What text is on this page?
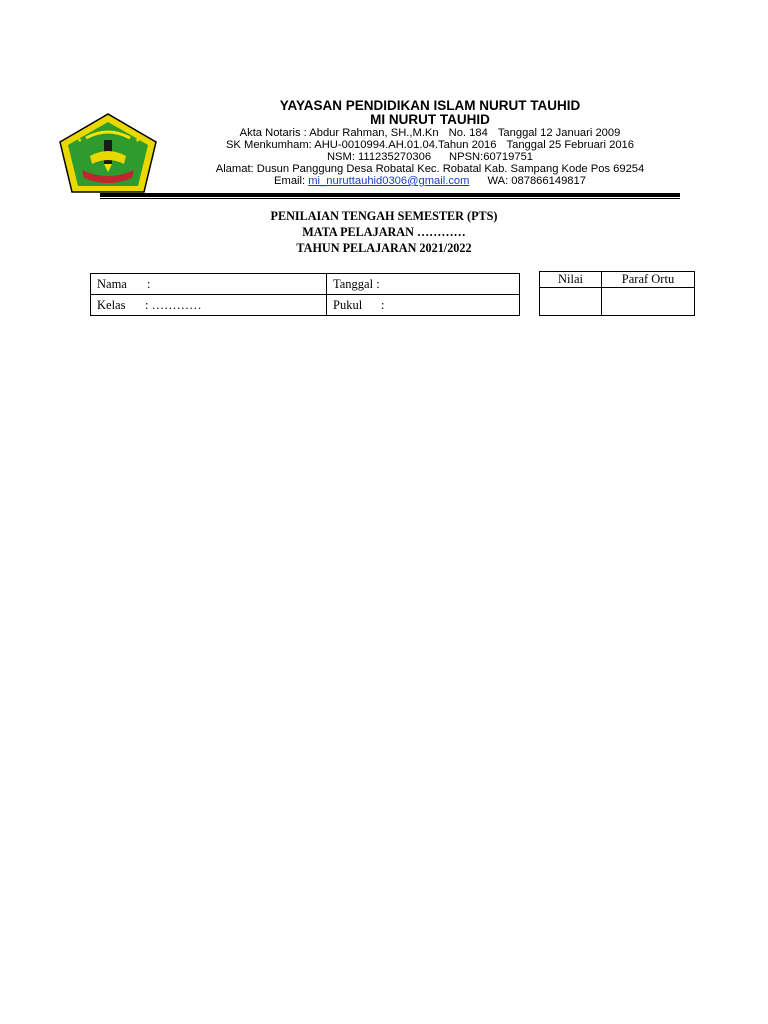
★	★
★	★
YAYASAN PENDIDIKAN ISLAM NURUT TAUHID
MI NURUT TAUHID
Akta Notaris : Abdur Rahman, SH.,M.Kn No. 184 Tanggal 12 Januari 2009
SK Menkumham: AHU-0010994.AH.01.04.Tahun 2016 Tanggal 25 Februari 2016
NSM: 111235270306 NPSN:60719751
Alamat: Dusun Panggung Desa Robatal Kec. Robatal Kab. Sampang Kode Pos 69254
Email: mi_nuruttauhid0306@gmail.com WA: 087866149817
PENILAIAN TENGAH SEMESTER (PTS)
MATA PELAJARAN …………
TAHUN PELAJARAN 2021/2022
Nama :	Tanggal :
Kelas : …………	Pukul :
Nilai	Paraf Ortu
